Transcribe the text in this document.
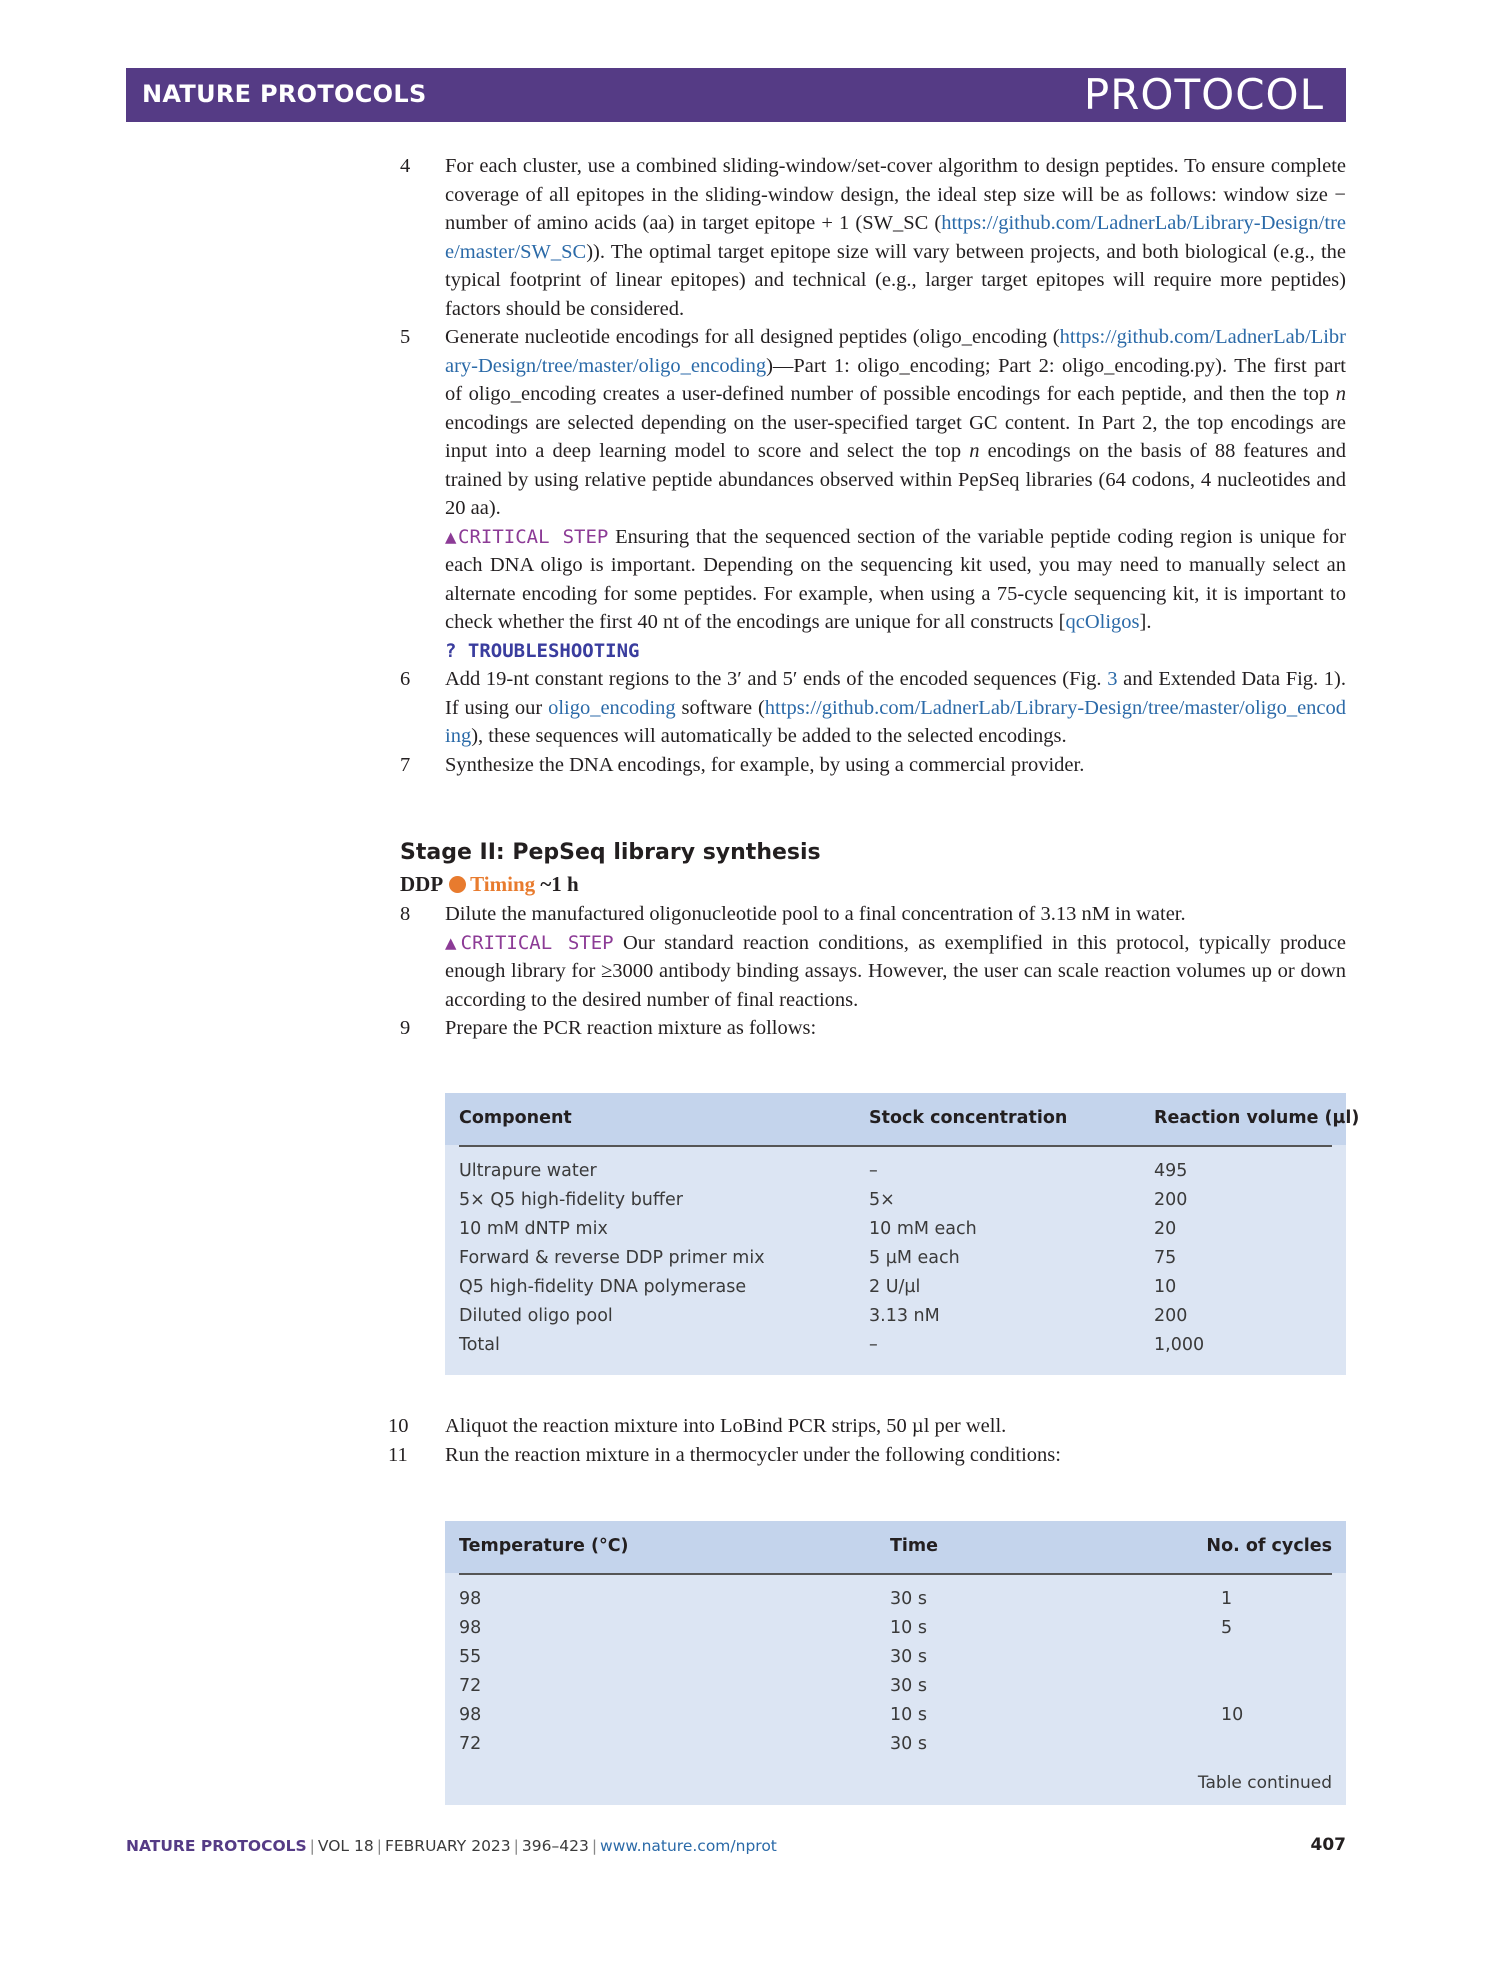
NATURE PROTOCOLS	PROTOCOL
4	For each cluster, use a combined sliding-window/set-cover algorithm to design peptides. To ensure complete coverage of all epitopes in the sliding-window design, the ideal step size will be as follows: window size − number of amino acids (aa) in target epitope + 1 (SW_SC (https://github.com/LadnerLab/Library-Design/tree/master/SW_SC)). The optimal target epitope size will vary between projects, and both biological (e.g., the typical footprint of linear epitopes) and technical (e.g., larger target epitopes will require more peptides) factors should be considered.
5	Generate nucleotide encodings for all designed peptides (oligo_encoding (https://github.com/LadnerLab/Library-Design/tree/master/oligo_encoding)—Part 1: oligo_encoding; Part 2: oligo_encoding.py). The first part of oligo_encoding creates a user-defined number of possible encodings for each peptide, and then the top n encodings are selected depending on the user-specified target GC content. In Part 2, the top encodings are input into a deep learning model to score and select the top n encodings on the basis of 88 features and trained by using relative peptide abundances observed within PepSeq libraries (64 codons, 4 nucleotides and 20 aa).
▲CRITICAL STEP Ensuring that the sequenced section of the variable peptide coding region is unique for each DNA oligo is important. Depending on the sequencing kit used, you may need to manually select an alternate encoding for some peptides. For example, when using a 75-cycle sequencing kit, it is important to check whether the first 40 nt of the encodings are unique for all constructs [qcOligos].
? TROUBLESHOOTING
6	Add 19-nt constant regions to the 3′ and 5′ ends of the encoded sequences (Fig. 3 and Extended Data Fig. 1). If using our oligo_encoding software (https://github.com/LadnerLab/Library-Design/tree/master/oligo_encoding), these sequences will automatically be added to the selected encodings.
7	Synthesize the DNA encodings, for example, by using a commercial provider.
Stage II: PepSeq library synthesis
DDP Timing ~1 h
8	Dilute the manufactured oligonucleotide pool to a final concentration of 3.13 nM in water.
▲CRITICAL STEP Our standard reaction conditions, as exemplified in this protocol, typically produce enough library for ≥3000 antibody binding assays. However, the user can scale reaction volumes up or down according to the desired number of final reactions.
9	Prepare the PCR reaction mixture as follows:
Component	Stock concentration	Reaction volume (µl)
Ultrapure water	–	495
5× Q5 high-fidelity buffer	5×	200
10 mM dNTP mix	10 mM each	20
Forward & reverse DDP primer mix	5 µM each	75
Q5 high-fidelity DNA polymerase	2 U/µl	10
Diluted oligo pool	3.13 nM	200
Total	–	1,000
10 Aliquot the reaction mixture into LoBind PCR strips, 50 µl per well.
11 Run the reaction mixture in a thermocycler under the following conditions:
Temperature (°C)	Time	No. of cycles
98	30 s	1
98	10 s	5
55	30 s
72	30 s
98	10 s	10
72	30 s
Table continued
NATURE PROTOCOLS | VOL 18 | FEBRUARY 2023 | 396–423 | www.nature.com/nprot	407
